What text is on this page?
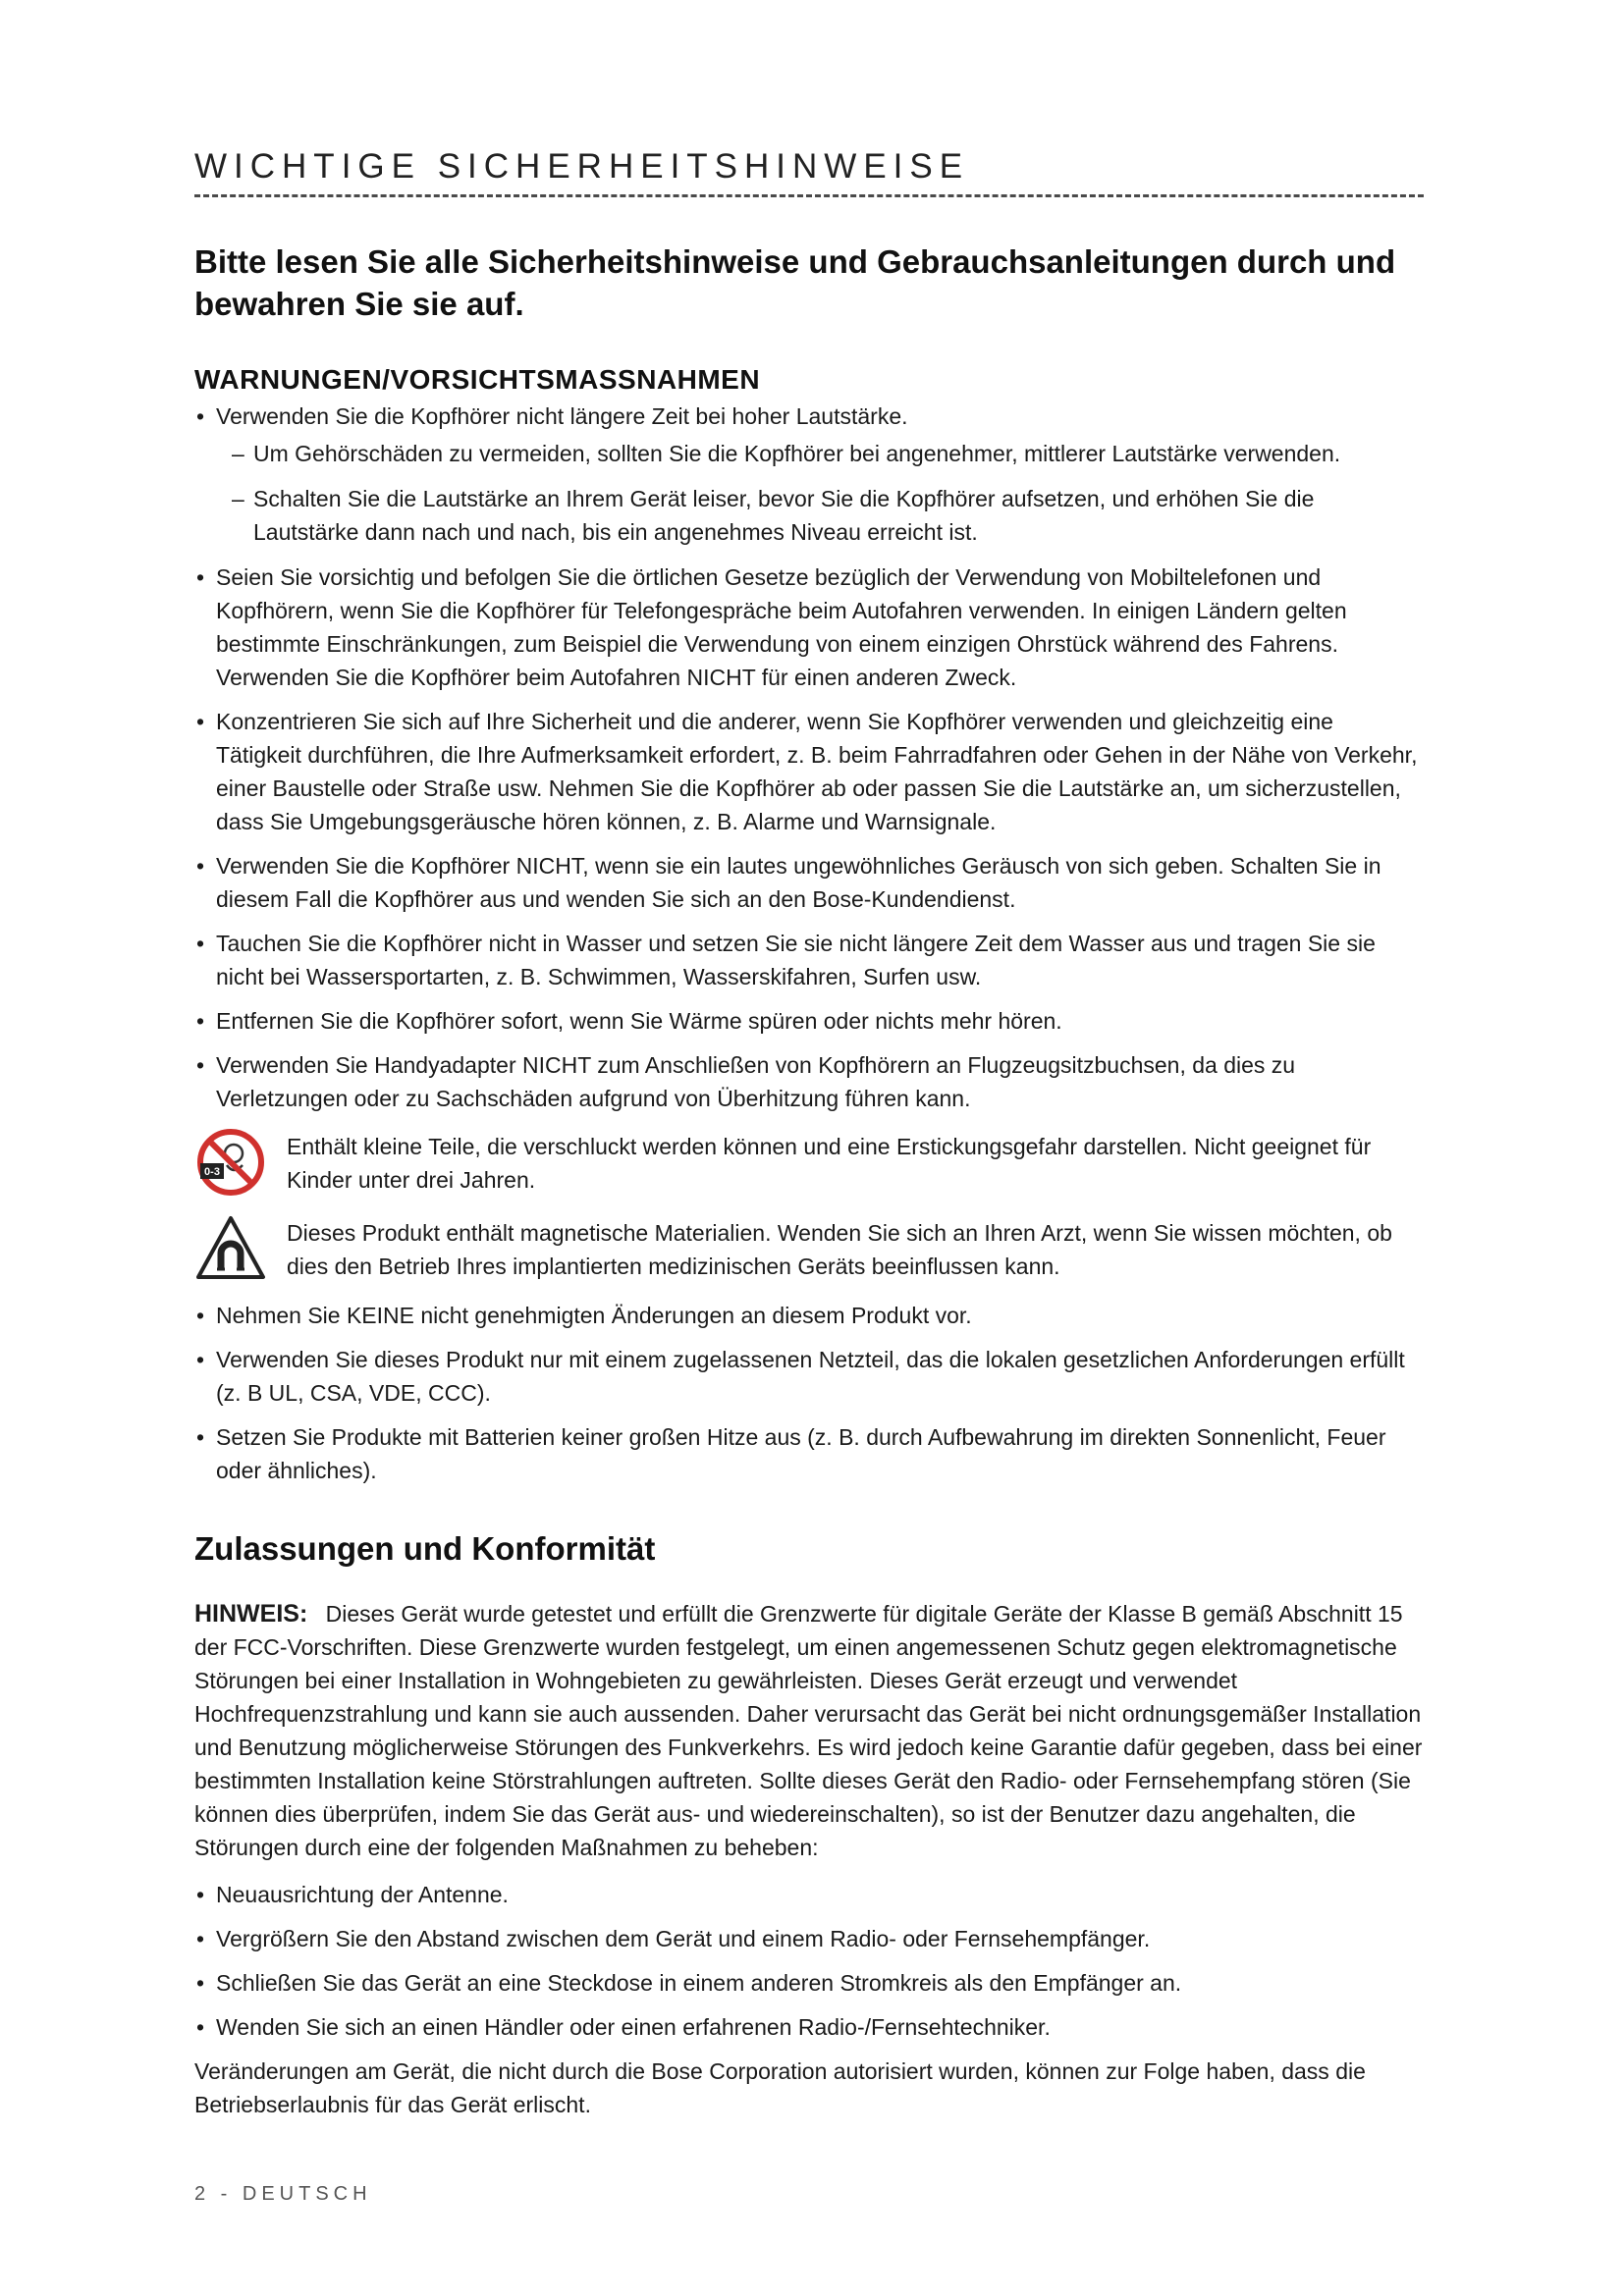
WICHTIGE SICHERHEITSHINWEISE

Bitte lesen Sie alle Sicherheitshinweise und Gebrauchsanleitungen durch und bewahren Sie sie auf.

WARNUNGEN/VORSICHTSMASSNAHMEN
• Verwenden Sie die Kopfhörer nicht längere Zeit bei hoher Lautstärke.
– Um Gehörschäden zu vermeiden, sollten Sie die Kopfhörer bei angenehmer, mittlerer Lautstärke verwenden.
– Schalten Sie die Lautstärke an Ihrem Gerät leiser, bevor Sie die Kopfhörer aufsetzen, und erhöhen Sie die Lautstärke dann nach und nach, bis ein angenehmes Niveau erreicht ist.
• Seien Sie vorsichtig und befolgen Sie die örtlichen Gesetze bezüglich der Verwendung von Mobiltelefonen und Kopfhörern, wenn Sie die Kopfhörer für Telefongespräche beim Autofahren verwenden. In einigen Ländern gelten bestimmte Einschränkungen, zum Beispiel die Verwendung von einem einzigen Ohrstück während des Fahrens. Verwenden Sie die Kopfhörer beim Autofahren NICHT für einen anderen Zweck.
• Konzentrieren Sie sich auf Ihre Sicherheit und die anderer, wenn Sie Kopfhörer verwenden und gleichzeitig eine Tätigkeit durchführen, die Ihre Aufmerksamkeit erfordert, z. B. beim Fahrradfahren oder Gehen in der Nähe von Verkehr, einer Baustelle oder Straße usw. Nehmen Sie die Kopfhörer ab oder passen Sie die Lautstärke an, um sicherzustellen, dass Sie Umgebungsgeräusche hören können, z. B. Alarme und Warnsignale.
• Verwenden Sie die Kopfhörer NICHT, wenn sie ein lautes ungewöhnliches Geräusch von sich geben. Schalten Sie in diesem Fall die Kopfhörer aus und wenden Sie sich an den Bose-Kundendienst.
• Tauchen Sie die Kopfhörer nicht in Wasser und setzen Sie sie nicht längere Zeit dem Wasser aus und tragen Sie sie nicht bei Wassersportarten, z. B. Schwimmen, Wasserskifahren, Surfen usw.
• Entfernen Sie die Kopfhörer sofort, wenn Sie Wärme spüren oder nichts mehr hören.
• Verwenden Sie Handyadapter NICHT zum Anschließen von Kopfhörern an Flugzeugsitzbuchsen, da dies zu Verletzungen oder zu Sachschäden aufgrund von Überhitzung führen kann.
0-3
Enthält kleine Teile, die verschluckt werden können und eine Erstickungsgefahr darstellen. Nicht geeignet für Kinder unter drei Jahren.
Dieses Produkt enthält magnetische Materialien. Wenden Sie sich an Ihren Arzt, wenn Sie wissen möchten, ob dies den Betrieb Ihres implantierten medizinischen Geräts beeinflussen kann.
• Nehmen Sie KEINE nicht genehmigten Änderungen an diesem Produkt vor.
• Verwenden Sie dieses Produkt nur mit einem zugelassenen Netzteil, das die lokalen gesetzlichen Anforderungen erfüllt (z. B UL, CSA, VDE, CCC).
• Setzen Sie Produkte mit Batterien keiner großen Hitze aus (z. B. durch Aufbewahrung im direkten Sonnenlicht, Feuer oder ähnliches).
Zulassungen und Konformität

HINWEIS: Dieses Gerät wurde getestet und erfüllt die Grenzwerte für digitale Geräte der Klasse B gemäß Abschnitt 15 der FCC-Vorschriften. Diese Grenzwerte wurden festgelegt, um einen angemessenen Schutz gegen elektromagnetische Störungen bei einer Installation in Wohngebieten zu gewährleisten. Dieses Gerät erzeugt und verwendet Hochfrequenzstrahlung und kann sie auch aussenden. Daher verursacht das Gerät bei nicht ordnungsgemäßer Installation und Benutzung möglicherweise Störungen des Funkverkehrs. Es wird jedoch keine Garantie dafür gegeben, dass bei einer bestimmten Installation keine Störstrahlungen auftreten. Sollte dieses Gerät den Radio- oder Fernsehempfang stören (Sie können dies überprüfen, indem Sie das Gerät aus- und wiedereinschalten), so ist der Benutzer dazu angehalten, die Störungen durch eine der folgenden Maßnahmen zu beheben:

• Neuausrichtung der Antenne.
• Vergrößern Sie den Abstand zwischen dem Gerät und einem Radio- oder Fernsehempfänger.
• Schließen Sie das Gerät an eine Steckdose in einem anderen Stromkreis als den Empfänger an.
• Wenden Sie sich an einen Händler oder einen erfahrenen Radio-/Fernsehtechniker.
Veränderungen am Gerät, die nicht durch die Bose Corporation autorisiert wurden, können zur Folge haben, dass die Betriebserlaubnis für das Gerät erlischt.
2 - DEUTSCH
